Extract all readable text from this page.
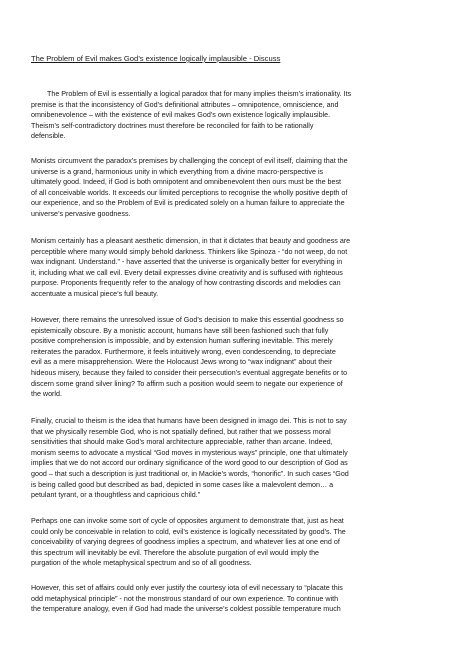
The Problem of Evil makes God’s existence logically implausible - Discuss
The Problem of Evil is essentially a logical paradox that for many implies theism’s irrationality. Its
premise is that the inconsistency of God’s definitional attributes – omnipotence, omniscience, and
omnibenevolence – with the existence of evil makes God’s own existence logically implausible.
Theism’s self-contradictory doctrines must therefore be reconciled for faith to be rationally
defensible.
Monists circumvent the paradox’s premises by challenging the concept of evil itself, claiming that the
universe is a grand, harmonious unity in which everything from a divine macro-perspective is
ultimately good. Indeed, if God is both omnipotent and omnibenevolent then ours must be the best
of all conceivable worlds. It exceeds our limited perceptions to recognise the wholly positive depth of
our experience, and so the Problem of Evil is predicated solely on a human failure to appreciate the
universe’s pervasive goodness.
Monism certainly has a pleasant aesthetic dimension, in that it dictates that beauty and goodness are
perceptible where many would simply behold darkness. Thinkers like Spinoza - “do not weep, do not
wax indignant. Understand.” - have asserted that the universe is organically better for everything in
it, including what we call evil. Every detail expresses divine creativity and is suffused with righteous
purpose. Proponents frequently refer to the analogy of how contrasting discords and melodies can
accentuate a musical piece’s full beauty.
However, there remains the unresolved issue of God’s decision to make this essential goodness so
epistemically obscure. By a monistic account, humans have still been fashioned such that fully
positive comprehension is impossible, and by extension human suffering inevitable. This merely
reiterates the paradox. Furthermore, it feels intuitively wrong, even condescending, to depreciate
evil as a mere misapprehension. Were the Holocaust Jews wrong to “wax indignant” about their
hideous misery, because they failed to consider their persecution’s eventual aggregate benefits or to
discern some grand silver lining? To affirm such a position would seem to negate our experience of
the world.
Finally, crucial to theism is the idea that humans have been designed in imago dei. This is not to say
that we physically resemble God, who is not spatially defined, but rather that we possess moral
sensitivities that should make God’s moral architecture appreciable, rather than arcane. Indeed,
monism seems to advocate a mystical “God moves in mysterious ways” principle, one that ultimately
implies that we do not accord our ordinary significance of the word good to our description of God as
good – that such a description is just traditional or, in Mackie’s words, “honorific”. In such cases “God
is being called good but described as bad, depicted in some cases like a malevolent demon… a
petulant tyrant, or a thoughtless and capricious child.”
Perhaps one can invoke some sort of cycle of opposites argument to demonstrate that, just as heat
could only be conceivable in relation to cold, evil’s existence is logically necessitated by good’s. The
conceivability of varying degrees of goodness implies a spectrum, and whatever lies at one end of
this spectrum will inevitably be evil. Therefore the absolute purgation of evil would imply the
purgation of the whole metaphysical spectrum and so of all goodness.
However, this set of affairs could only ever justify the courtesy iota of evil necessary to “placate this
odd metaphysical principle” - not the monstrous standard of our own experience. To continue with
the temperature analogy, even if God had made the universe’s coldest possible temperature much
